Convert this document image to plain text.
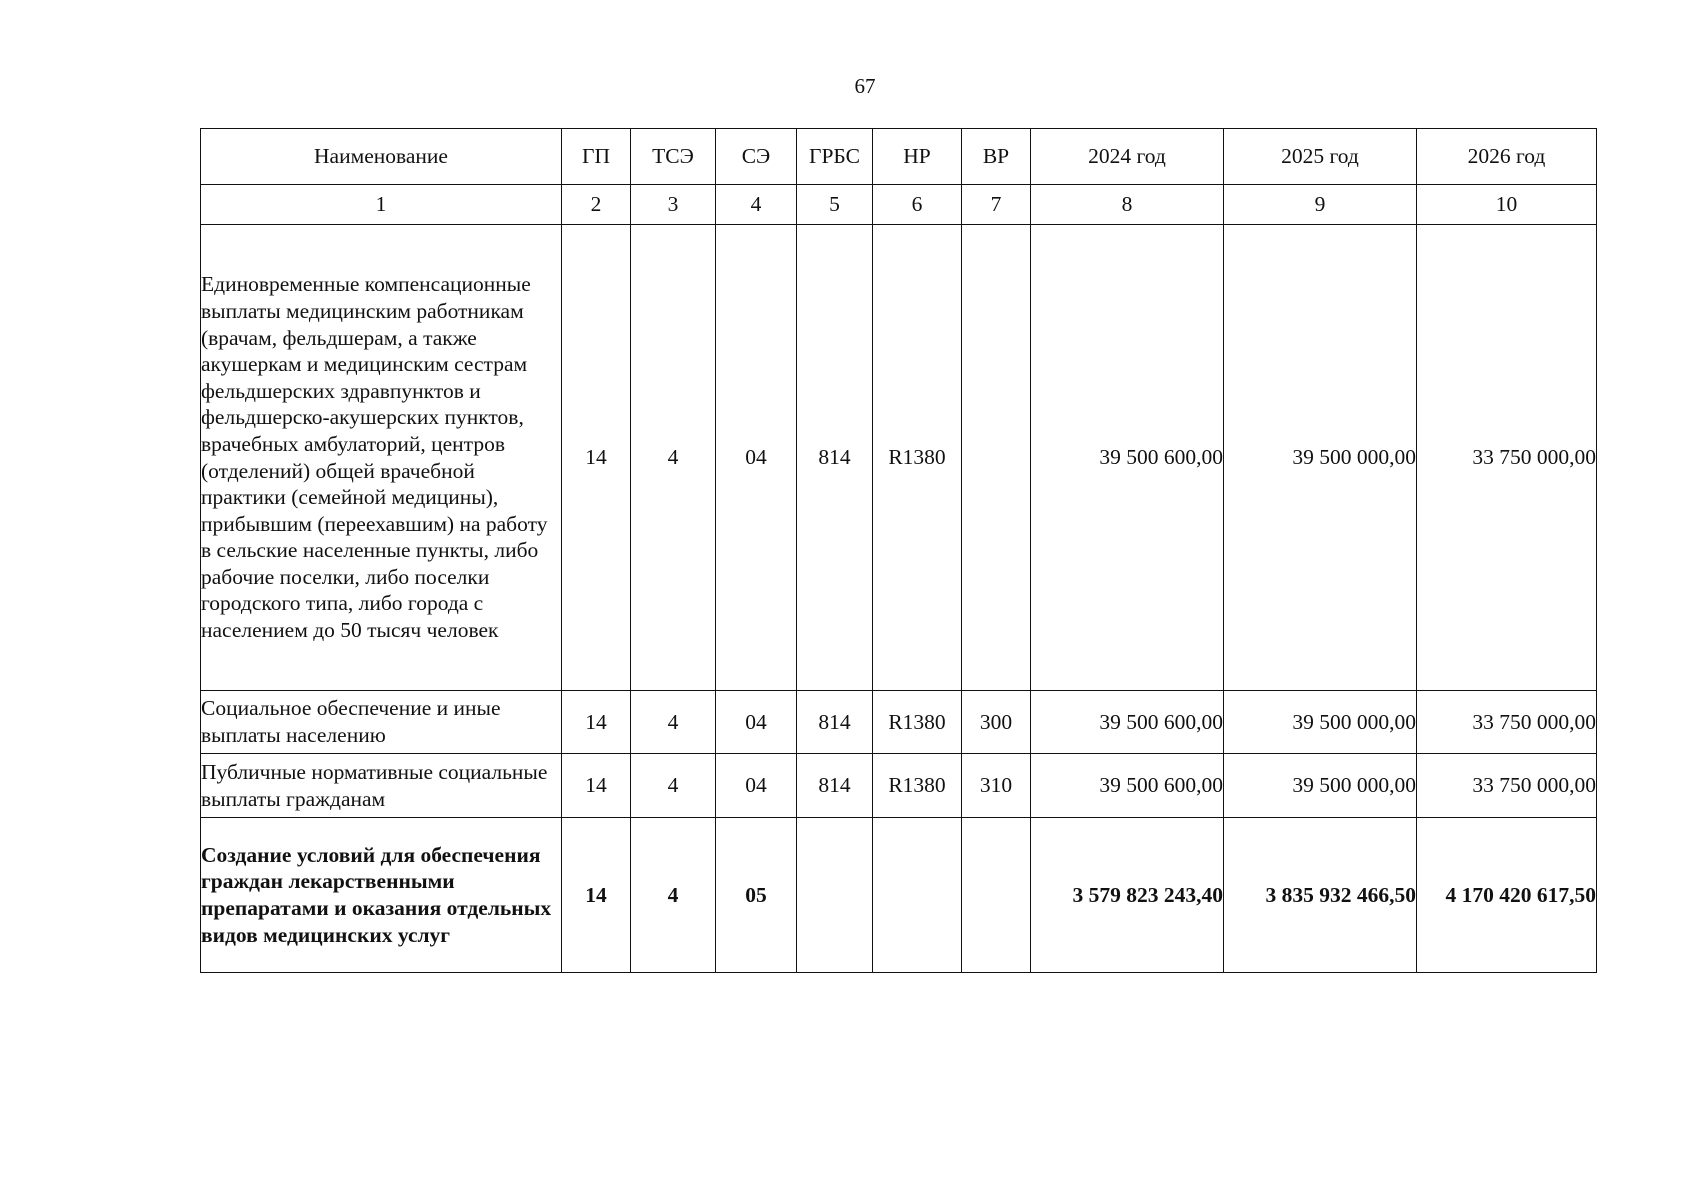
67
Наименование	ГП	ТСЭ	СЭ	ГРБС	НР	ВР	2024 год	2025 год	2026 год
1	2	3	4	5	6	7	8	9	10
Единовременные компенсационные выплаты медицинским работникам (врачам, фельдшерам, а также акушеркам и медицинским сестрам фельдшерских здравпунктов и фельдшерско-акушерских пунктов, врачебных амбулаторий, центров (отделений) общей врачебной практики (семейной медицины), прибывшим (переехавшим) на работу в сельские населенные пункты, либо рабочие поселки, либо поселки городского типа, либо города с населением до 50 тысяч человек	14	4	04	814	R1380		39 500 600,00	39 500 000,00	33 750 000,00
Социальное обеспечение и иные выплаты населению	14	4	04	814	R1380	300	39 500 600,00	39 500 000,00	33 750 000,00
Публичные нормативные социальные выплаты гражданам	14	4	04	814	R1380	310	39 500 600,00	39 500 000,00	33 750 000,00
Создание условий для обеспечения граждан лекарственными препаратами и оказания отдельных видов медицинских услуг	14	4	05				3 579 823 243,40	3 835 932 466,50	4 170 420 617,50
